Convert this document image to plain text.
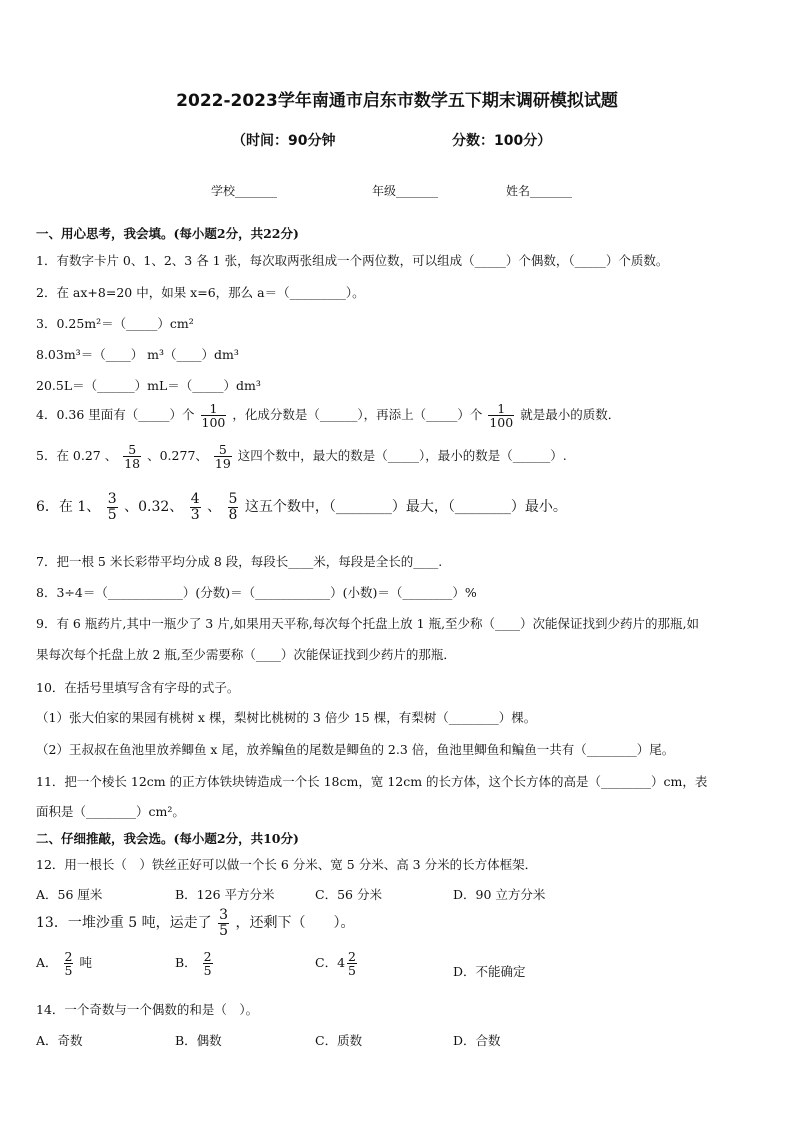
2022-2023学年南通市启东市数学五下期末调研模拟试题
（时间：90分钟	分数：100分）
学校_______	年级_______	姓名_______
一、用心思考，我会填。(每小题2分，共22分)
1．有数字卡片 0、1、2、3 各 1 张，每次取两张组成一个两位数，可以组成（_____）个偶数，（_____）个质数。
2．在 ax+8=20 中，如果 x=6，那么 a＝（_________）。
3．0.25m²＝（_____）cm²
8.03m³＝（____） m³（____）dm³
20.5L＝（______）mL＝（_____）dm³
4．0.36 里面有（_____）个 $\frac{1}{100}$ ，化成分数是（______），再添上（_____）个 $\frac{1}{100}$ 就是最小的质数．
5．在 0.27 、 $\frac{5}{18}$ 、0.277、 $\frac{5}{19}$ 这四个数中，最大的数是（_____），最小的数是（______）.
6．在 1、 $\frac{3}{5}$ 、0.32、 $\frac{4}{3}$ 、 $\frac{5}{8}$ 这五个数中，（________）最大，（________）最小。
7．把一根 5 米长彩带平均分成 8 段，每段长____米，每段是全长的____.
8．3÷4＝（____________）(分数)＝（____________）(小数)＝（________）%
9．有 6 瓶药片,其中一瓶少了 3 片,如果用天平称,每次每个托盘上放 1 瓶,至少称（____）次能保证找到少药片的那瓶,如
果每次每个托盘上放 2 瓶,至少需要称（____）次能保证找到少药片的那瓶．
10．在括号里填写含有字母的式子。
（1）张大伯家的果园有桃树 x 棵，梨树比桃树的 3 倍少 15 棵，有梨树（________）棵。
（2）王叔叔在鱼池里放养鲫鱼 x 尾，放养鳊鱼的尾数是鲫鱼的 2.3 倍，鱼池里鲫鱼和鳊鱼一共有（________）尾。
11．把一个棱长 12cm 的正方体铁块铸造成一个长 18cm，宽 12cm 的长方体，这个长方体的高是（________）cm，表
面积是（________）cm²。
二、仔细推敲，我会选。(每小题2分，共10分)
12．用一根长（　）铁丝正好可以做一个长 6 分米、宽 5 分米、高 3 分米的长方体框架．
A．56 厘米	B．126 平方分米	C．56 分米	D．90 立方分米
13．一堆沙重 5 吨，运走了 $\frac{3}{5}$ ，还剩下（　　）。
A． $\frac{2}{5}$ 吨	B． $\frac{2}{5}$	C．$4 \frac{2}{5}$	D．不能确定
14．一个奇数与一个偶数的和是（　）。
A．奇数	B．偶数	C．质数	D．合数
